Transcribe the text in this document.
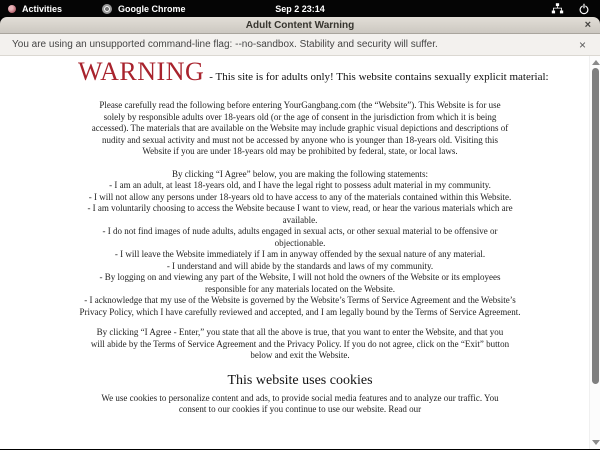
Activities	Google Chrome	Sep 2 23:14
Adult Content Warning	×
You are using an unsupported command-line flag: --no-sandbox. Stability and security will suffer.	×
WARNING - This site is for adults only! This website contains sexually explicit material:
Please carefully read the following before entering YourGangbang.com (the “Website”). This Website is for use solely by responsible adults over 18-years old (or the age of consent in the jurisdiction from which it is being accessed). The materials that are available on the Website may include graphic visual depictions and descriptions of nudity and sexual activity and must not be accessed by anyone who is younger than 18-years old. Visiting this Website if you are under 18-years old may be prohibited by federal, state, or local laws.
By clicking “I Agree” below, you are making the following statements:
- I am an adult, at least 18-years old, and I have the legal right to possess adult material in my community.
- I will not allow any persons under 18-years old to have access to any of the materials contained within this Website.
- I am voluntarily choosing to access the Website because I want to view, read, or hear the various materials which are available.
- I do not find images of nude adults, adults engaged in sexual acts, or other sexual material to be offensive or objectionable.
- I will leave the Website immediately if I am in anyway offended by the sexual nature of any material.
- I understand and will abide by the standards and laws of my community.
- By logging on and viewing any part of the Website, I will not hold the owners of the Website or its employees responsible for any materials located on the Website.
- I acknowledge that my use of the Website is governed by the Website’s Terms of Service Agreement and the Website’s Privacy Policy, which I have carefully reviewed and accepted, and I am legally bound by the Terms of Service Agreement.
By clicking “I Agree - Enter,” you state that all the above is true, that you want to enter the Website, and that you will abide by the Terms of Service Agreement and the Privacy Policy. If you do not agree, click on the “Exit” button below and exit the Website.
This website uses cookies
We use cookies to personalize content and ads, to provide social media features and to analyze our traffic. You consent to our cookies if you continue to use our website. Read our
